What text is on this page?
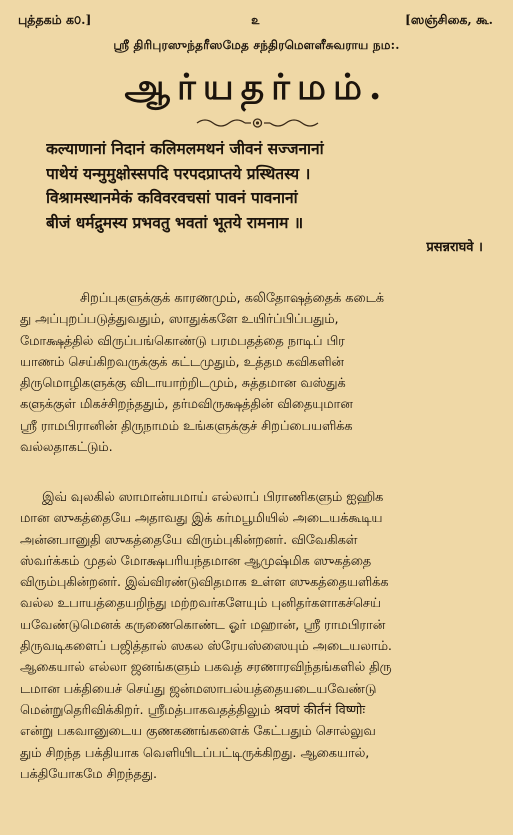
புத்தகம் க௦.]	௨	[ஸஞ்சிகை, கூ.
ஸ்ரீ திரிபுரஸுந்தரீஸமேத சந்திரமௌளீசுவராய நம:.
ஆர்யதர்மம்.
कल्याणानां निदानं कलिमलमथनं जीवनं सज्जनानां
पाथेयं यन्मुमुक्षोस्सपदि परपदप्राप्तये प्रस्थितस्य ।
विश्रामस्थानमेकं कविवरवचसां पावनं पावनानां
बीजं धर्मद्रुमस्य प्रभवतु भवतां भूतये रामनाम ॥
प्रसन्नराघवे ।
சிறப்புகளுக்குக் காரணமும், கலிதோஷத்தைக் கடைக்
து அப்புறப்படுத்துவதும், ஸாதுக்களே உயிர்ப்பிப்பதும்,
மோக்ஷத்தில் விருப்பங்கொண்டு பரமபதத்தை நாடிப் பிர
யாணம் செய்கிறவருக்குக் கட்டமுதும், உத்தம கவிகளின்
திருமொழிகளுக்கு விடாயாற்றிடமும், சுத்தமான வஸ்துக்
களுக்குள் மிகச்சிறந்ததும், தர்மவிருக்ஷத்தின் விதையுமான
ஸ்ரீ ராமபிரானின் திருநாமம் உங்களுக்குச் சிறப்பையளிக்க
வல்லதாகட்டும்.
இவ் வுலகில் ஸாமான்யமாய் எல்லாப் பிராணிகளும் ஐஹிக
மான ஸுகத்தையே அதாவது இக் கர்மபூமியில் அடையக்கூடிய
அன்னபானுதி ஸுகத்தையே விரும்புகின்றனர். விவேகிகள்
ஸ்வர்க்கம் முதல் மோக்ஷபரியந்தமான ஆமுஷ்மிக ஸுகத்தை
விரும்புகின்றனர். இவ்விரண்டுவிதமாக உள்ள ஸுகத்தையளிக்க
வல்ல உபாயத்தையறிந்து மற்றவர்களேயும் புனிதர்களாகச்செய்
யவேண்டுமெனக் கருணைகொண்ட ஓர் மஹான், ஸ்ரீ ராமபிரான்
திருவடிகளைப் பஜித்தால் ஸகல ஸ்ரேயஸ்ஸையும் அடையலாம்.
ஆகையால் எல்லா ஜனங்களும் பகவத் சரணாரவிந்தங்களில் திரு
டமான பக்தியைச் செய்து ஜன்மஸாபல்யத்தையடையவேண்டு
மென்றுதெரிவிக்கிறர். ஸ்ரீமத்பாகவதத்திலும் श्रवणं कीर्तनं विष्णोः
என்று பகவானுடைய குணகணங்களைக் கேட்பதும் சொல்லுவ
தும் சிறந்த பக்தியாக வெளியிடப்பட்டிருக்கிறது. ஆகையால்,
பக்தியோகமே சிறந்தது.
